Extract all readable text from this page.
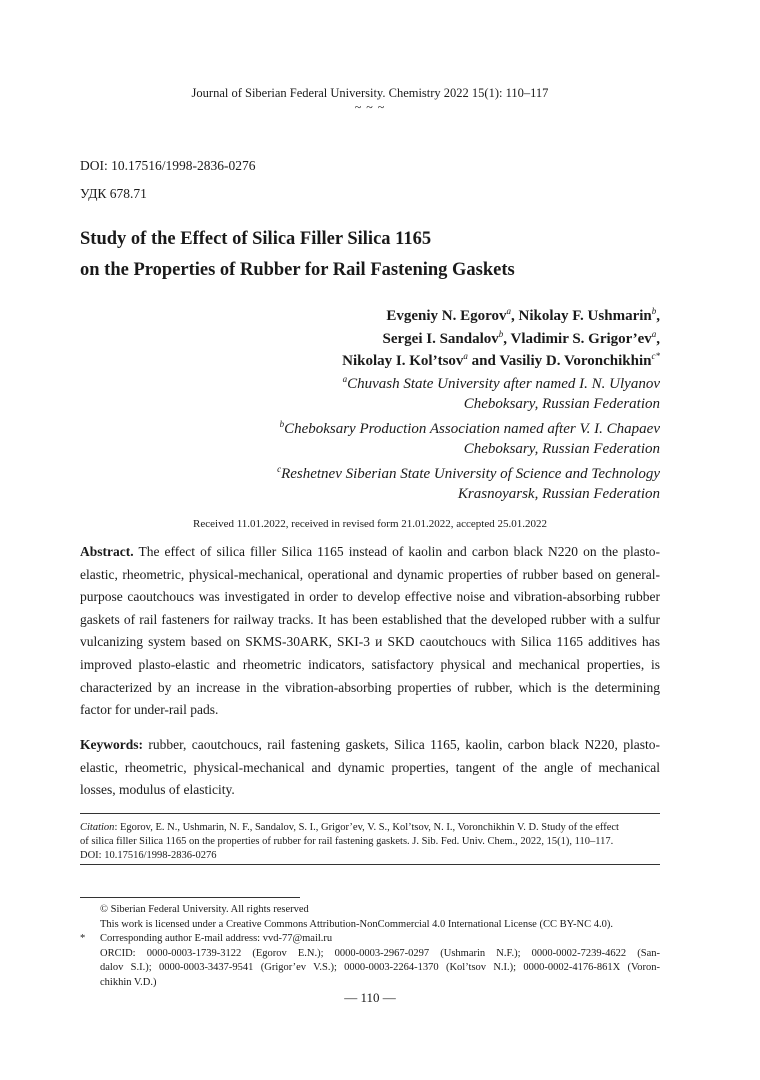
Journal of Siberian Federal University. Chemistry 2022 15(1): 110–117
~ ~ ~
DOI: 10.17516/1998-2836-0276
УДК 678.71
Study of the Effect of Silica Filler Silica 1165
on the Properties of Rubber for Rail Fastening Gaskets
Evgeniy N. Egorov$^a$, Nikolay F. Ushmarin$^b$,
Sergei I. Sandalov$^b$, Vladimir S. $Grigor’ev^a$,
Nikolay I. Kol’tsov$^a$ and Vasiliy D. Voronchikhin$^{c*}$
$^a$Chuvash State University after named I. N. Ulyanov
Cheboksary, Russian Federation
$^b$Cheboksary Production Association named after V. I. Chapaev
Cheboksary, Russian Federation
$^c$Reshetnev Siberian State University of Science and Technology
Krasnoyarsk, Russian Federation
Received 11.01.2022, received in revised form 21.01.2022, accepted 25.01.2022
Abstract. The effect of silica filler Silica 1165 instead of kaolin and carbon black N220 on the plasto-
elastic, rheometric, physical-mechanical, operational and dynamic properties of rubber based on general-
purpose caoutchoucs was investigated in order to develop effective noise and vibration-absorbing rubber
gaskets of rail fasteners for railway tracks. It has been established that the developed rubber with a sulfur
vulcanizing system based on SKMS-30ARK, SKI-3 и SKD caoutchoucs with Silica 1165 additives has
improved plasto-elastic and rheometric indicators, satisfactory physical and mechanical properties, is
characterized by an increase in the vibration-absorbing properties of rubber, which is the determining
factor for under-rail pads.
Keywords: rubber, caoutchoucs, rail fastening gaskets, Silica 1165, kaolin, carbon black N220, plasto-
elastic, rheometric, physical-mechanical and dynamic properties, tangent of the angle of mechanical
losses, modulus of elasticity.
Citation: Egorov, E. N., Ushmarin, N. F., Sandalov, S. I., Grigor’ev, V. S., Kol’tsov, N. I., Voronchikhin V. D. Study of the effect
of silica filler Silica 1165 on the properties of rubber for rail fastening gaskets. J. Sib. Fed. Univ. Chem., 2022, 15(1), 110–117.
DOI: 10.17516/1998-2836-0276
© Siberian Federal University. All rights reserved
This work is licensed under a Creative Commons Attribution-NonCommercial 4.0 International License (CC BY-NC 4.0).
* Corresponding author E-mail address: vvd-77@mail.ru
ORCID: 0000-0003-1739-3122 (Egorov E.N.); 0000-0003-2967-0297 (Ushmarin N.F.); 0000-0002-7239-4622 (San-
dalov S.I.); 0000-0003-3437-9541 (Grigor’ev V.S.); 0000-0003-2264-1370 (Kol’tsov N.I.); 0000-0002-4176-861X (Voron-
chikhin V.D.)
— 110 —
